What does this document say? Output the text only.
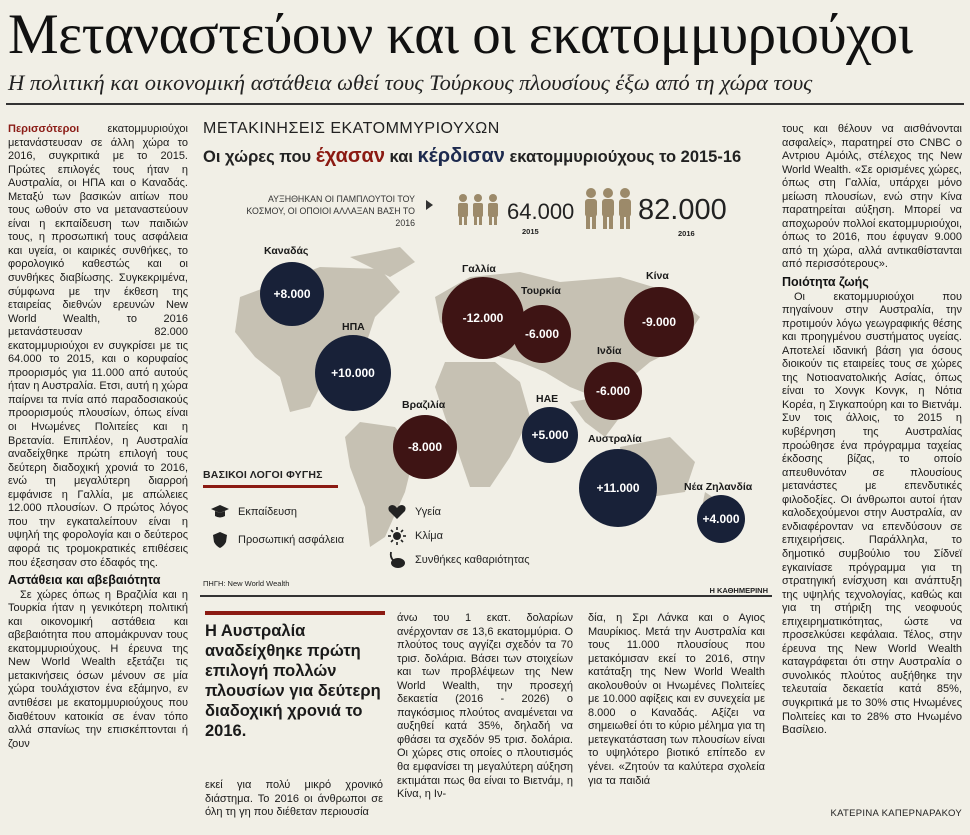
Μεταναστεύουν και οι εκατομμυριούχοι
Η πολιτική και οικονομική αστάθεια ωθεί τους Τούρκους πλουσίους έξω από τη χώρα τους

Περισσότεροι	εκατομμυριούχοι μετανάστευσαν σε άλλη χώρα το 2016, συγκριτικά με το 2015. Πρώτες επιλογές τους ήταν η Αυστραλία, οι ΗΠΑ και ο Καναδάς. Μεταξύ των βασικών αιτίων που τους ωθούν στο να μεταναστεύουν είναι η εκπαίδευση των παιδιών τους, η προσωπική τους ασφάλεια και υγεία, οι καιρικές συνθήκες, το φορολογικό καθεστώς και οι συνθήκες διαβίωσης. Συγκεκριμένα, σύμφωνα με την έκθεση της εταιρείας διεθνών ερευνών New World Wealth, το 2016 μετανάστευσαν 82.000 εκατομμυριούχοι εν συγκρίσει με τις 64.000 το 2015, και ο κορυφαίος προορισμός για 11.000 από αυτούς ήταν η Αυστραλία. Ετσι, αυτή η χώρα παίρνει τα πνία από παραδοσιακούς προορισμούς πλουσίων, όπως είναι οι Ηνωμένες Πολιτείες και η Βρετανία. Επιπλέον, η Αυστραλία αναδείχθηκε πρώτη επιλογή τους δεύτερη διαδοχική χρονιά το 2016, ενώ τη μεγαλύτερη διαρροή εμφάνισε η Γαλλία, με απώλειες 12.000 πλουσίων. Ο πρώτος λόγος που την εγκαταλείπουν είναι η υψηλή της φορολογία και ο δεύτερος αφορά τις τρομοκρατικές επιθέσεις που έξεσησαν στο έδαφός της.

Αστάθεια και αβεβαιότητα

Σε χώρες όπως η Βραζιλία και η Τουρκία ήταν η γενικότερη πολιτική και οικονομική αστάθεια και αβεβαιότητα που απομάκρυναν τους εκατομμυριούχους. Η έρευνα της New World Wealth εξετάζει τις μετακινήσεις όσων μένουν σε μία χώρα τουλάχιστον ένα εξάμηνο, εν αντιθέσει με εκατομμυριούχους που διαθέτουν κατοικία σε έναν τόπο αλλά σπανίως την επισκέπτονται ή ζουν

ΜΕΤΑΚΙΝΗΣΕΙΣ ΕΚΑΤΟΜΜΥΡΙΟΥΧΩΝ
Οι χώρες που έχασαν και κέρδισαν εκατομμυριούχους το 2015-16
ΑΥΞΗΘΗΚΑΝ ΟΙ ΠΑΜΠΛΟΥΤΟΙ ΤΟΥ ΚΟΣΜΟΥ, ΟΙ ΟΠΟΙΟΙ ΑΛΛΑΞΑΝ ΒΑΣΗ ΤΟ 2016	64.000
2015
82.000
2016
Καναδάς
+8.000
ΗΠΑ
+10.000
Βραζιλία
-8.000
Γαλλία
-12.000
Τουρκία
-6.000
Κίνα
-9.000
Ινδία
-6.000
ΗΑΕ
+5.000	Αυστραλία
+11.000	Νέα Ζηλανδία
+4.000
ΒΑΣΙΚΟΙ ΛΟΓΟΙ ΦΥΓΗΣ
Εκπαίδευση
Προσωπική ασφάλεια
Υγεία
Κλίμα
Συνθήκες καθαριότητας
ΠΗΓΗ: New World Wealth
Η ΚΑΘΗΜΕΡΙΝΗ
Η Αυστραλία αναδείχθηκε πρώτη επιλογή πολλών πλουσίων για δεύτερη διαδοχική χρονιά το 2016.

εκεί για πολύ μικρό χρονικό διάστημα. Το 2016 οι άνθρωποι σε όλη τη γη που διέθεταν περιουσία

άνω του 1 εκατ. δολαρίων ανέρχονταν σε 13,6 εκατομμύρια. Ο πλούτος τους αγγίζει σχεδόν τα 70 τρισ. δολάρια. Βάσει των στοιχείων και των προβλέψεων της New World Wealth, την προσεχή δεκαετία (2016 - 2026) ο παγκόσμιος πλούτος αναμένεται να αυξηθεί κατά 35%, δηλαδή να φθάσει τα σχεδόν 95 τρισ. δολάρια. Οι χώρες στις οποίες ο πλουτισμός θα εμφανίσει τη μεγαλύτερη αύξηση εκτιμάται πως θα είναι το Βιετνάμ, η Κίνα, η Ιν-

δία, η Σρι Λάνκα και ο Αγιος Μαυρίκιος. Μετά την Αυστραλία και τους 11.000 πλουσίους που μετακόμισαν εκεί το 2016, στην κατάταξη της New World Wealth ακολουθούν οι Ηνωμένες Πολιτείες με 10.000 αφίξεις και εν συνεχεία με 8.000 ο Καναδάς. Αξίζει να σημειωθεί ότι το κύριο μέλημα για τη μετεγκατάσταση των πλουσίων είναι το υψηλότερο βιοτικό επίπεδο εν γένει. «Ζητούν τα καλύτερα σχολεία για τα παιδιά

τους και θέλουν να αισθάνονται ασφαλείς», παρατηρεί στο CNBC ο Αντριου Αμόιλς, στέλεχος της New World Wealth. «Σε ορισμένες χώρες, όπως στη Γαλλία, υπάρχει μόνο μείωση πλουσίων, ενώ στην Κίνα παρατηρείται αύξηση. Μπορεί να αποχωρούν πολλοί εκατομμυριούχοι, όπως το 2016, που έφυγαν 9.000 από τη χώρα, αλλά αντικαθίστανται από περισσότερους».

Ποιότητα ζωής

Οι εκατομμυριούχοι που πηγαίνουν στην Αυστραλία, την προτιμούν λόγω γεωγραφικής θέσης και προηγμένου συστήματος υγείας. Αποτελεί ιδανική βάση για όσους διοικούν τις εταιρείες τους σε χώρες της Νοτιοανατολικής Ασίας, όπως είναι το Χονγκ Κονγκ, η Νότια Κορέα, η Σιγκαπούρη και το Βιετνάμ. Συν τοις άλλοις, το 2015 η κυβέρνηση της Αυστραλίας προώθησε ένα πρόγραμμα ταχείας έκδοσης βίζας, το οποίο απευθυνόταν σε πλουσίους μετανάστες με επενδυτικές φιλοδοξίες. Οι άνθρωποι αυτοί ήταν καλοδεχούμενοι στην Αυστραλία, αν ενδιαφέρονταν να επενδύσουν σε επιχειρήσεις. Παράλληλα, το δημοτικό συμβούλιο του Σίδνεϊ εγκαινίασε πρόγραμμα για τη στρατηγική ενίσχυση και ανάπτυξη της υψηλής τεχνολογίας, καθώς και για τη στήριξη της νεοφυούς επιχειρηματικότητας, ώστε να προσελκύσει κεφάλαια. Τέλος, στην έρευνα της New World Wealth καταγράφεται ότι στην Αυστραλία ο συνολικός πλούτος αυξήθηκε την τελευταία δεκαετία κατά 85%, συγκριτικά με το 30% στις Ηνωμένες Πολιτείες και το 28% στο Ηνωμένο Βασίλειο.

ΚΑΤΕΡΙΝΑ ΚΑΠΕΡΝΑΡΑΚΟΥ
